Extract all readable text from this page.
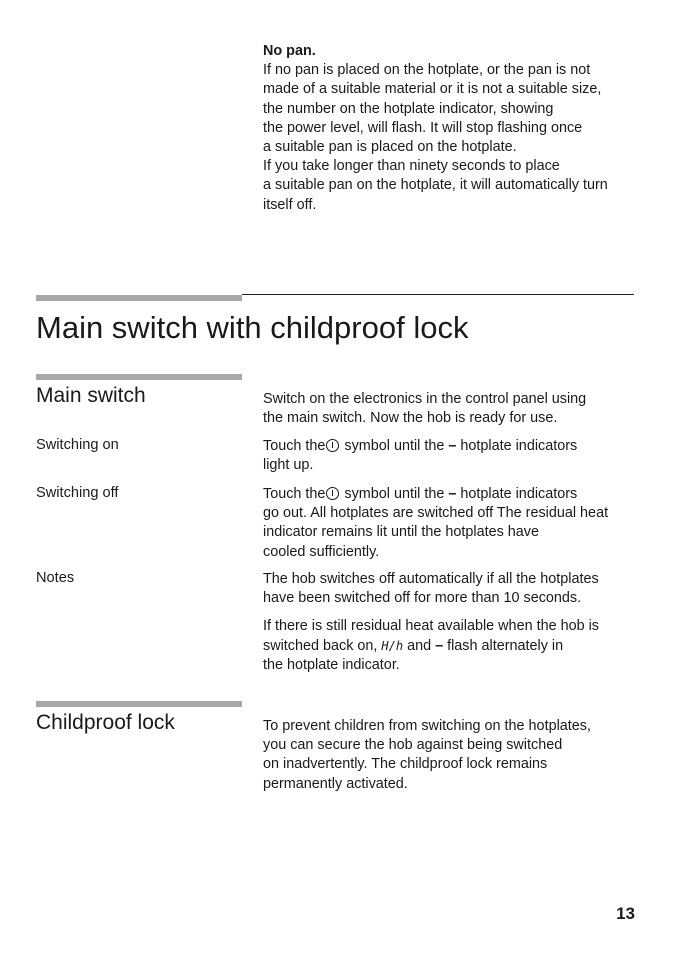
No pan.
If no pan is placed on the hotplate, or the pan is not
made of a suitable material or it is not a suitable size,
the number on the hotplate indicator, showing
the power level, will flash. It will stop flashing once
a suitable pan is placed on the hotplate.
If you take longer than ninety seconds to place
a suitable pan on the hotplate, it will automatically turn
itself off.
Main switch with childproof lock
Main switch	Switch on the electronics in the control panel using
the main switch. Now the hob is ready for use.
Switching on	Touch the symbol until the – hotplate indicators
light up.
Switching off	Touch the symbol until the – hotplate indicators
go out. All hotplates are switched off The residual heat
indicator remains lit until the hotplates have
cooled sufficiently.
Notes	The hob switches off automatically if all the hotplates
have been switched off for more than 10 seconds.
If there is still residual heat available when the hob is
switched back on, H/h and – flash alternately in
the hotplate indicator.
Childproof lock	To prevent children from switching on the hotplates,
you can secure the hob against being switched
on inadvertently. The childproof lock remains
permanently activated.
13
